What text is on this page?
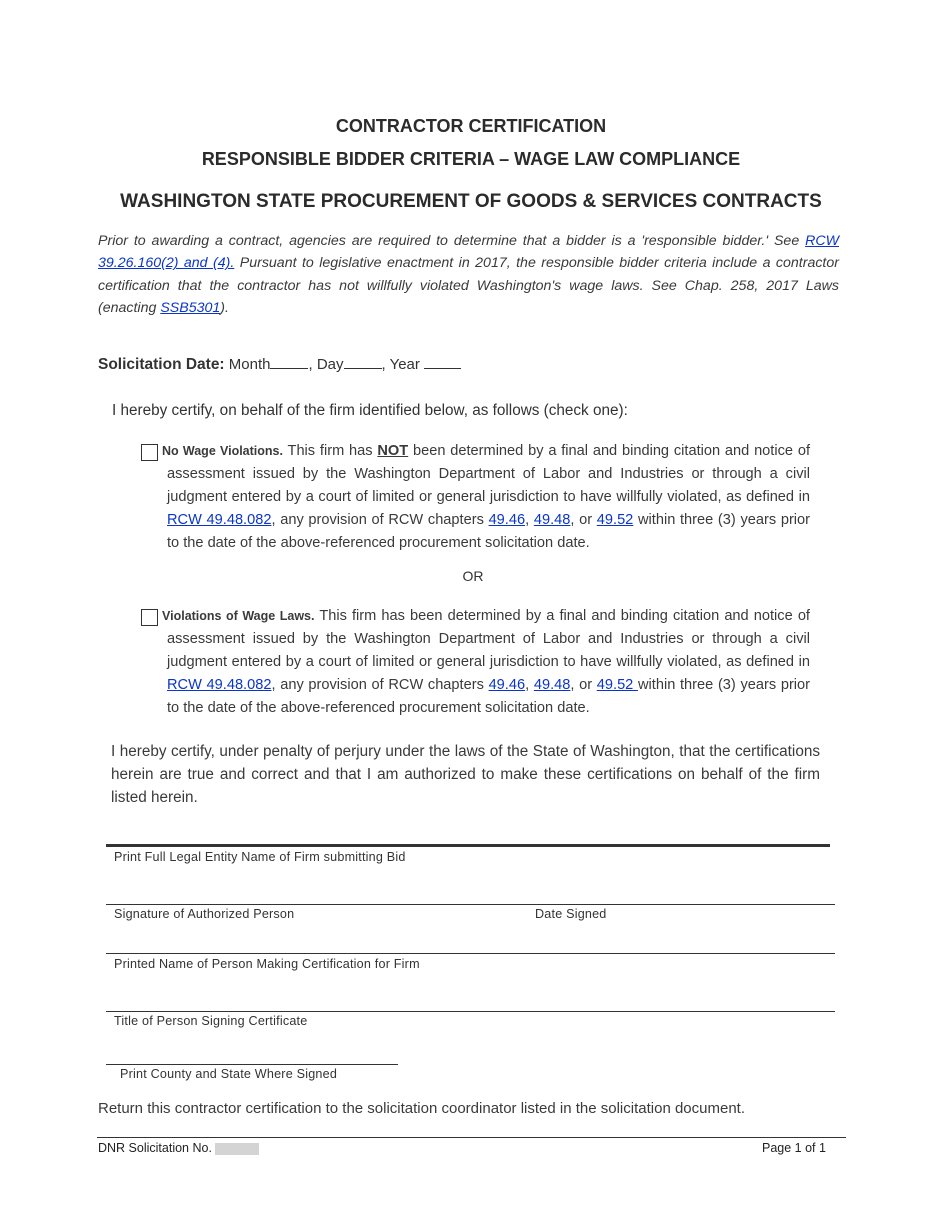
CONTRACTOR CERTIFICATION
RESPONSIBLE BIDDER CRITERIA – WAGE LAW COMPLIANCE
WASHINGTON STATE PROCUREMENT OF GOODS & SERVICES CONTRACTS
Prior to awarding a contract, agencies are required to determine that a bidder is a 'responsible bidder.' See RCW 39.26.160(2) and (4). Pursuant to legislative enactment in 2017, the responsible bidder criteria include a contractor certification that the contractor has not willfully violated Washington's wage laws. See Chap. 258, 2017 Laws (enacting SSB5301).
Solicitation Date: Month	, Day	, Year
I hereby certify, on behalf of the firm identified below, as follows (check one):
No Wage Violations. This firm has NOT been determined by a final and binding citation and notice of assessment issued by the Washington Department of Labor and Industries or through a civil judgment entered by a court of limited or general jurisdiction to have willfully violated, as defined in RCW 49.48.082, any provision of RCW chapters 49.46, 49.48, or 49.52 within three (3) years prior to the date of the above-referenced procurement solicitation date.
OR
Violations of Wage Laws. This firm has been determined by a final and binding citation and notice of assessment issued by the Washington Department of Labor and Industries or through a civil judgment entered by a court of limited or general jurisdiction to have willfully violated, as defined in RCW 49.48.082, any provision of RCW chapters 49.46, 49.48, or 49.52 within three (3) years prior to the date of the above-referenced procurement solicitation date.
I hereby certify, under penalty of perjury under the laws of the State of Washington, that the certifications herein are true and correct and that I am authorized to make these certifications on behalf of the firm listed herein.
Print Full Legal Entity Name of Firm submitting Bid
Signature of Authorized Person	Date Signed
Printed Name of Person Making Certification for Firm
Title of Person Signing Certificate
Print County and State Where Signed
Return this contractor certification to the solicitation coordinator listed in the solicitation document.
DNR Solicitation No.	Page 1 of 1
